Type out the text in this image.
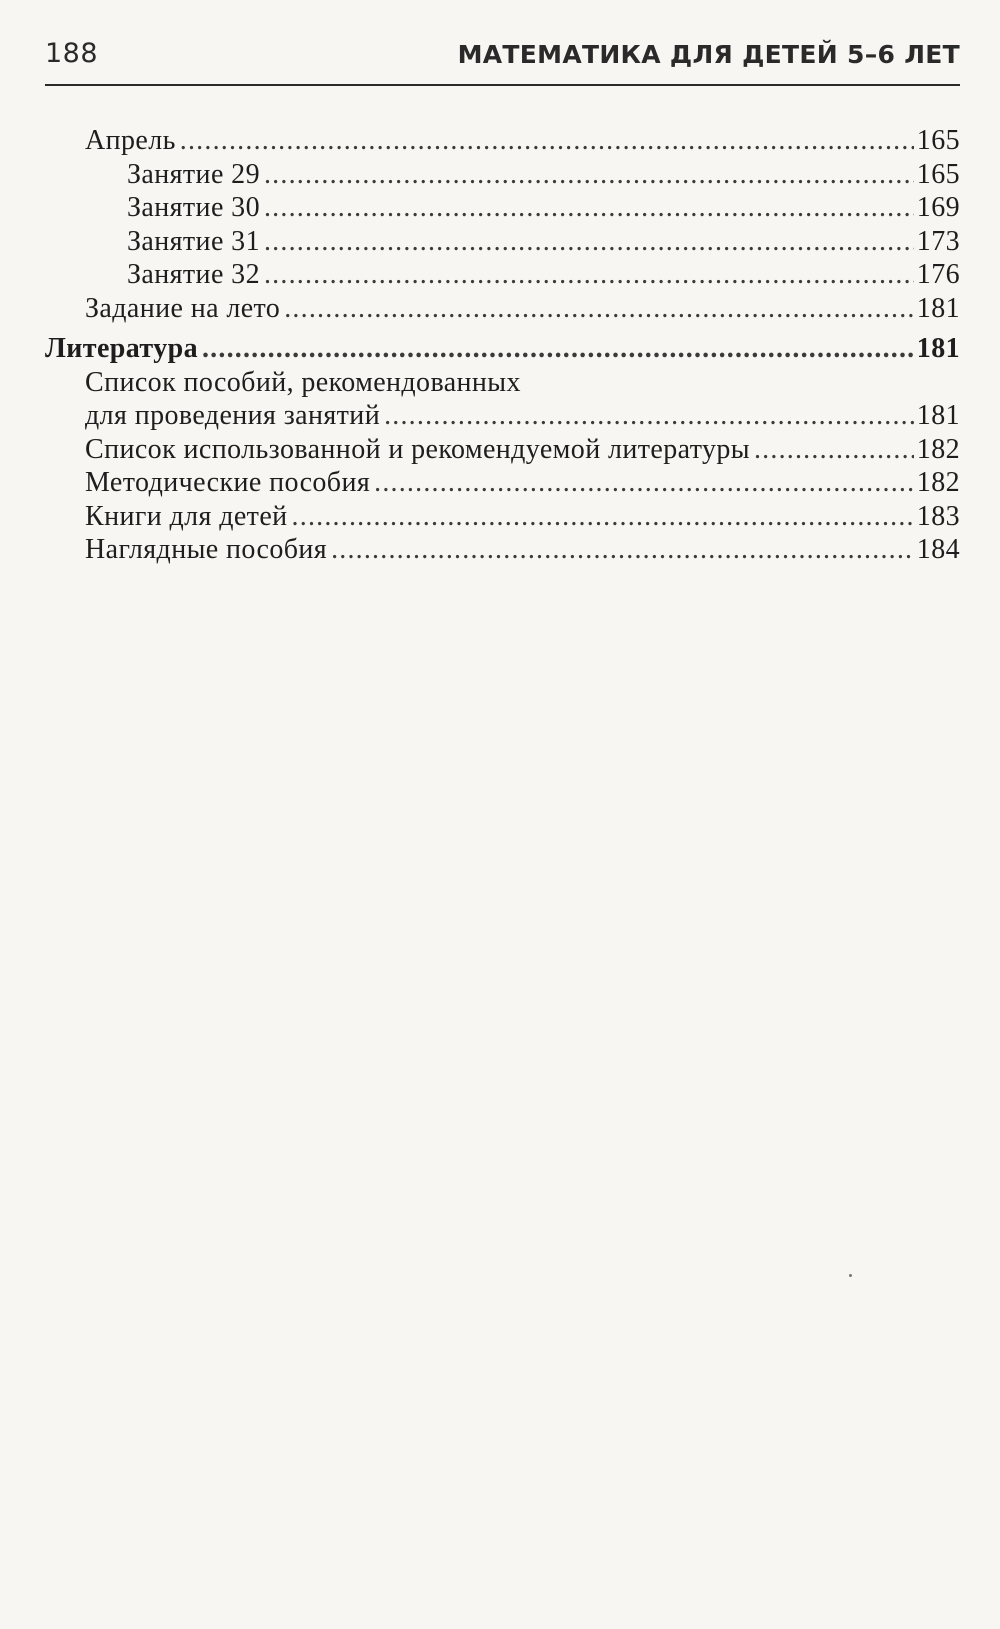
188	МАТЕМАТИКА ДЛЯ ДЕТЕЙ 5–6 ЛЕТ
Апрель .....	165
Занятие 29 .....	165
Занятие 30 .....	169
Занятие 31 .....	173
Занятие 32 .....	176
Задание на лето .....	181
Литература .....	181
Список пособий, рекомендованных
для проведения занятий .....	181
Список использованной и рекомендуемой литературы .....	182
Методические пособия .....	182
Книги для детей .....	183
Наглядные пособия .....	184
